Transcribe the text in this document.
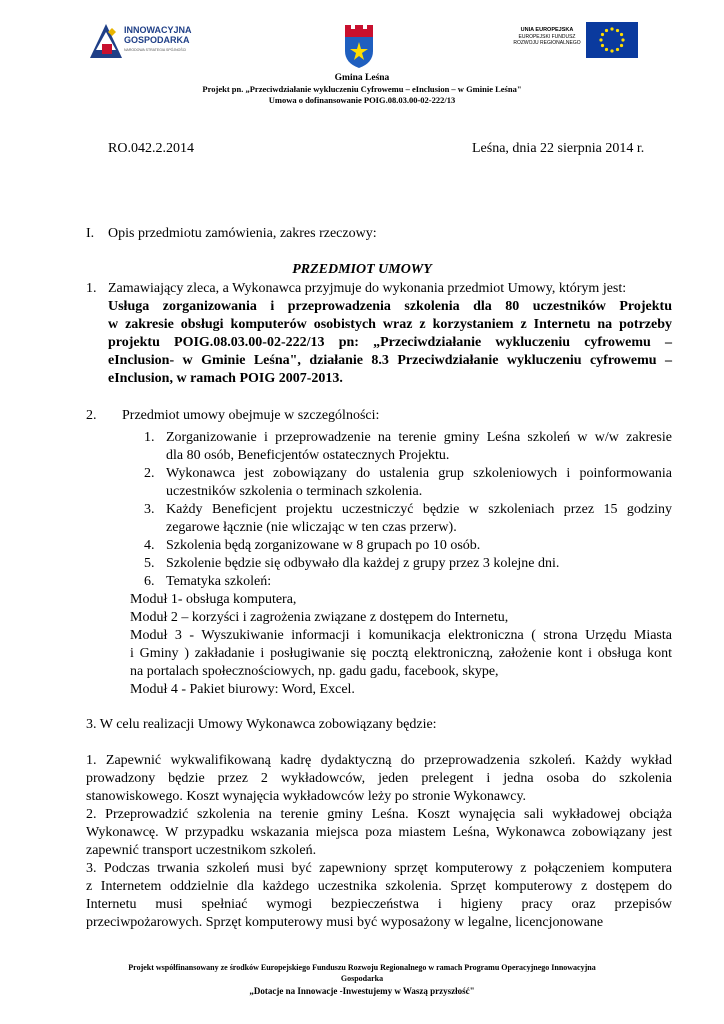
INNOWACYJNA
GOSPODARKA
NARODOWA STRATEGIA SPÓJNOŚCI
UNIA EUROPEJSKA
EUROPEJSKI FUNDUSZ
ROZWOJU REGIONALNEGO
Gmina Leśna
Projekt pn. „Przeciwdziałanie wykluczeniu Cyfrowemu – eInclusion – w Gminie Leśna"
Umowa o dofinansowanie POIG.08.03.00-02-222/13
RO.042.2.2014	Leśna, dnia 22 sierpnia 2014 r.
I. Opis przedmiotu zamówienia, zakres rzeczowy:
PRZEDMIOT UMOWY
1. Zamawiający zleca, a Wykonawca przyjmuje do wykonania przedmiot Umowy, którym jest:
Usługa zorganizowania i przeprowadzenia szkolenia dla 80 uczestników Projektu
w zakresie obsługi komputerów osobistych wraz z korzystaniem z Internetu na potrzeby
projektu POIG.08.03.00-02-222/13 pn: „Przeciwdziałanie wykluczeniu cyfrowemu –
eInclusion- w Gminie Leśna", działanie 8.3 Przeciwdziałanie wykluczeniu cyfrowemu –
eInclusion, w ramach POIG 2007-2013.
2. Przedmiot umowy obejmuje w szczególności:
1. Zorganizowanie i przeprowadzenie na terenie gminy Leśna szkoleń w w/w zakresie
dla 80 osób, Beneficjentów ostatecznych Projektu.
2. Wykonawca jest zobowiązany do ustalenia grup szkoleniowych i poinformowania
uczestników szkolenia o terminach szkolenia.
3. Każdy Beneficjent projektu uczestniczyć będzie w szkoleniach przez 15 godziny
zegarowe łącznie (nie wliczając w ten czas przerw).
4. Szkolenia będą zorganizowane w 8 grupach po 10 osób.
5. Szkolenie będzie się odbywało dla każdej z grupy przez 3 kolejne dni.
6. Tematyka szkoleń:
Moduł 1- obsługa komputera,
Moduł 2 – korzyści i zagrożenia związane z dostępem do Internetu,
Moduł 3 - Wyszukiwanie informacji i komunikacja elektroniczna ( strona Urzędu Miasta
i Gminy ) zakładanie i posługiwanie się pocztą elektroniczną, założenie kont i obsługa kont
na portalach społecznościowych, np. gadu gadu, facebook, skype,
Moduł 4 - Pakiet biurowy: Word, Excel.
3. W celu realizacji Umowy Wykonawca zobowiązany będzie:
1. Zapewnić wykwalifikowaną kadrę dydaktyczną do przeprowadzenia szkoleń. Każdy wykład
prowadzony będzie przez 2 wykładowców, jeden prelegent i jedna osoba do szkolenia
stanowiskowego. Koszt wynajęcia wykładowców leży po stronie Wykonawcy.
2. Przeprowadzić szkolenia na terenie gminy Leśna. Koszt wynajęcia sali wykładowej obciąża
Wykonawcę. W przypadku wskazania miejsca poza miastem Leśna, Wykonawca zobowiązany jest
zapewnić transport uczestnikom szkoleń.
3. Podczas trwania szkoleń musi być zapewniony sprzęt komputerowy z połączeniem komputera
z Internetem oddzielnie dla każdego uczestnika szkolenia. Sprzęt komputerowy z dostępem do
Internetu musi spełniać wymogi bezpieczeństwa i higieny pracy oraz przepisów
przeciwpożarowych. Sprzęt komputerowy musi być wyposażony w legalne, licencjonowane
Projekt współfinansowany ze środków Europejskiego Funduszu Rozwoju Regionalnego w ramach Programu Operacyjnego Innowacyjna
Gospodarka
„Dotacje na Innowacje -Inwestujemy w Waszą przyszłość"
